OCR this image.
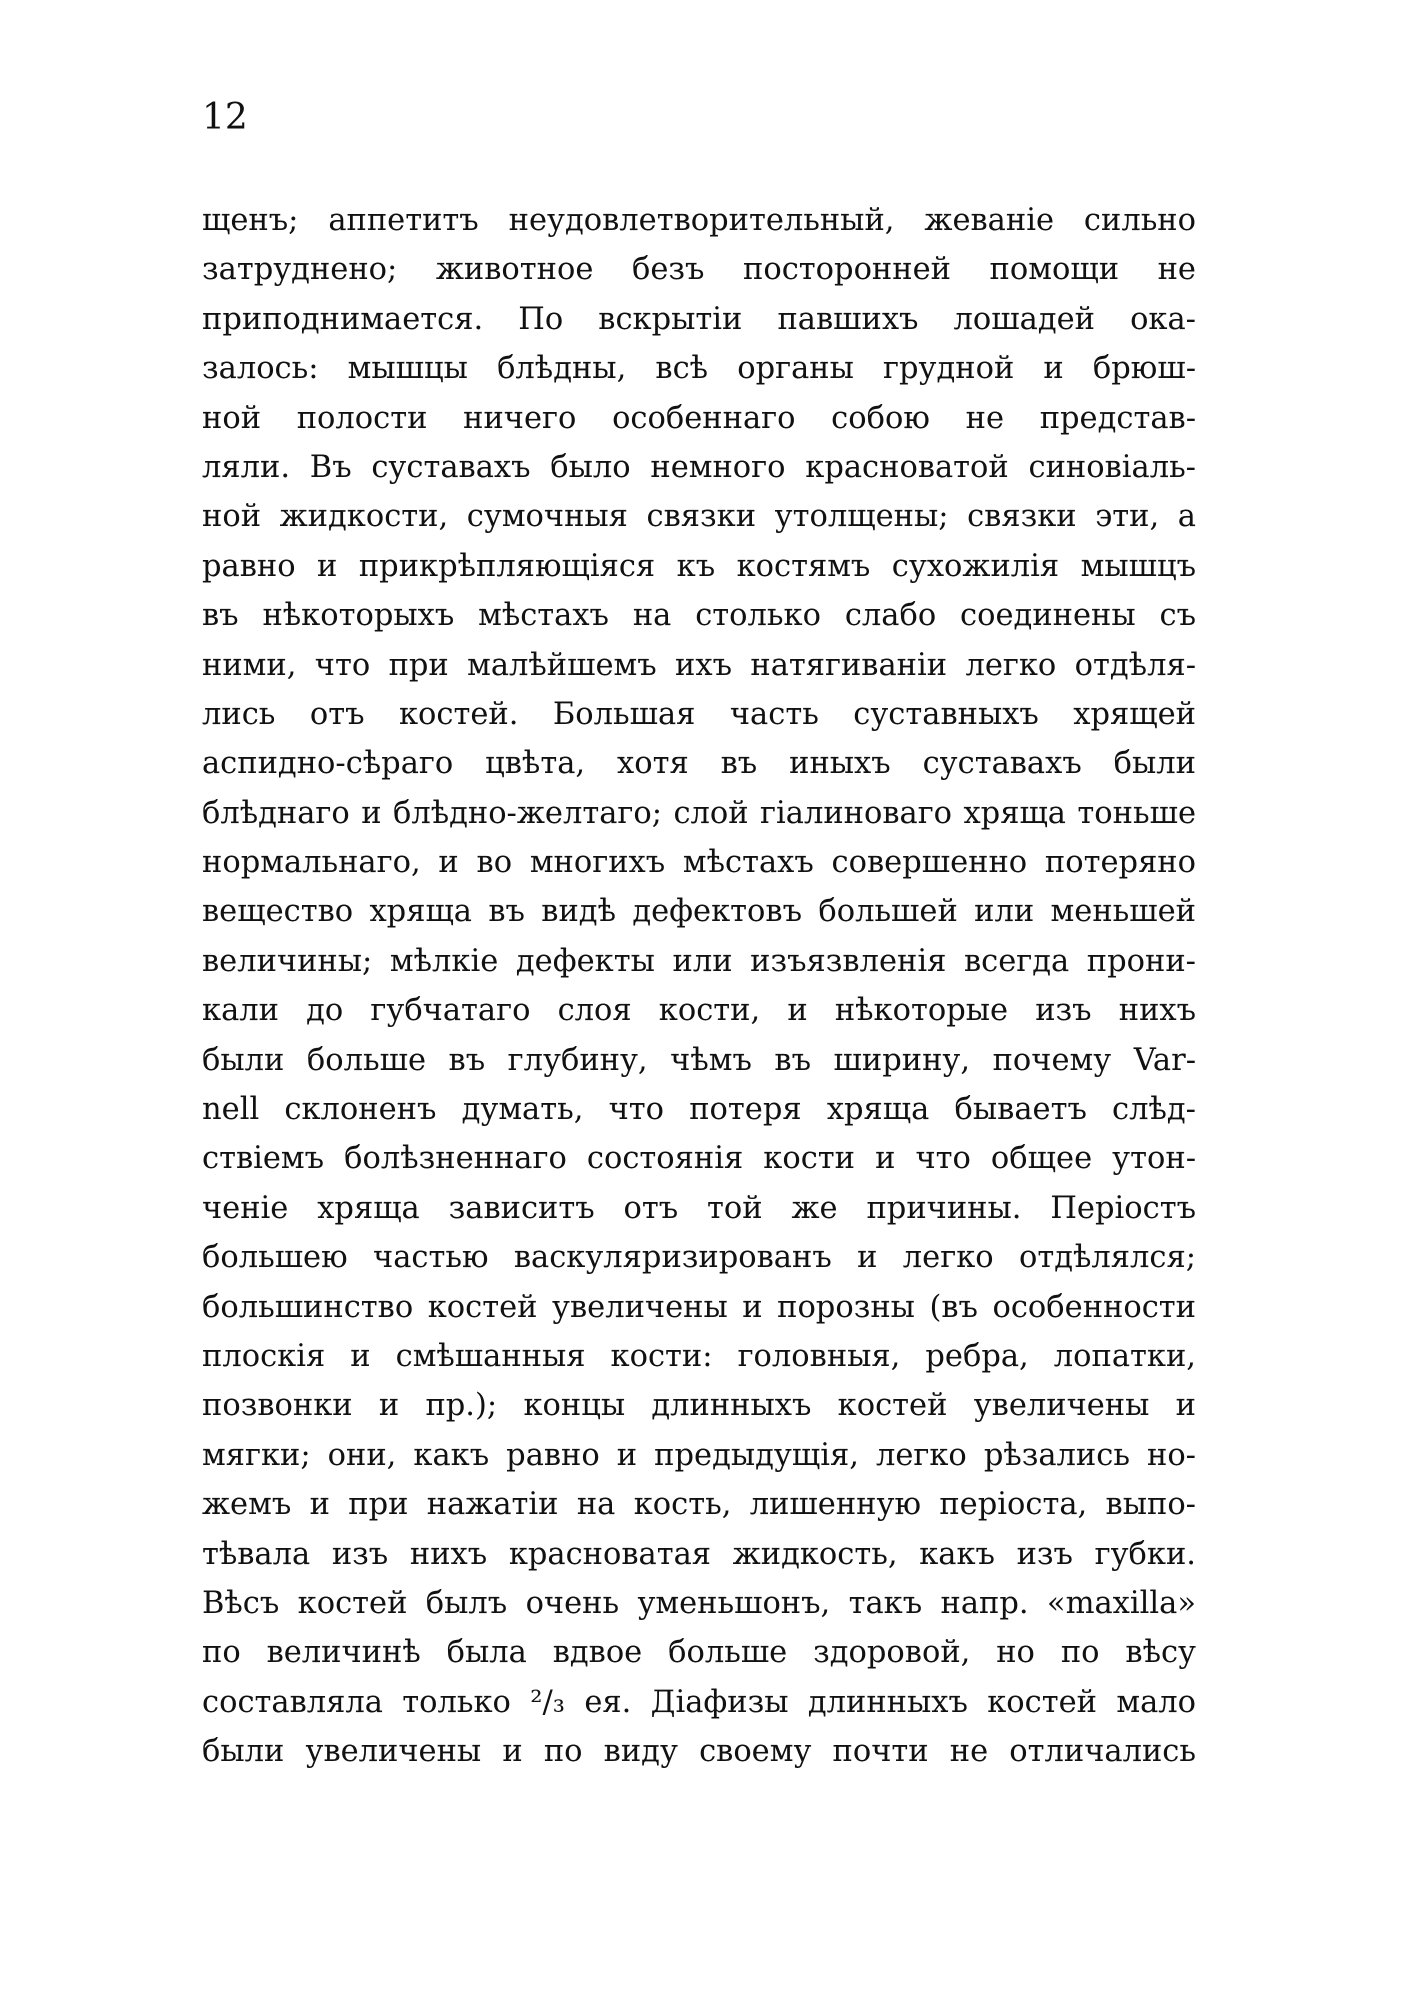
12
щенъ; аппетитъ неудовлетворительный, жеваніе сильно
затруднено; животное безъ посторонней помощи не
приподнимается. По вскрытіи павшихъ лошадей ока-
залось: мышцы блѣдны, всѣ органы грудной и брюш-
ной полости ничего особеннаго собою не представ-
ляли. Въ суставахъ было немного красноватой синовіаль-
ной жидкости, сумочныя связки утолщены; связки эти, а
равно и прикрѣпляющіяся къ костямъ сухожилія мышцъ
въ нѣкоторыхъ мѣстахъ на столько слабо соединены съ
ними, что при малѣйшемъ ихъ натягиваніи легко отдѣля-
лись отъ костей. Большая часть суставныхъ хрящей
аспидно-сѣраго цвѣта, хотя въ иныхъ суставахъ были
блѣднаго и блѣдно-желтаго; слой гіалиноваго хряща тоньше
нормальнаго, и во многихъ мѣстахъ совершенно потеряно
вещество хряща въ видѣ дефектовъ большей или меньшей
величины; мѣлкіе дефекты или изъязвленія всегда прони-
кали до губчатаго слоя кости, и нѣкоторые изъ нихъ
были больше въ глубину, чѣмъ въ ширину, почему Var-
nell склоненъ думать, что потеря хряща бываетъ слѣд-
ствіемъ болѣзненнаго состоянія кости и что общее утон-
ченіе хряща зависитъ отъ той же причины. Періостъ
большею частью васкуляризированъ и легко отдѣлялся;
большинство костей увеличены и порозны (въ особенности
плоскія и смѣшанныя кости: головныя, ребра, лопатки,
позвонки и пр.); концы длинныхъ костей увеличены и
мягки; они, какъ равно и предыдущія, легко рѣзались но-
жемъ и при нажатіи на кость, лишенную періоста, выпо-
тѣвала изъ нихъ красноватая жидкость, какъ изъ губки.
Вѣсъ костей былъ очень уменьшонъ, такъ напр. «maxilla»
по величинѣ была вдвое больше здоровой, но по вѣсу
составляла только ²/₃ ея. Діафизы длинныхъ костей мало
были увеличены и по виду своему почти не отличались
